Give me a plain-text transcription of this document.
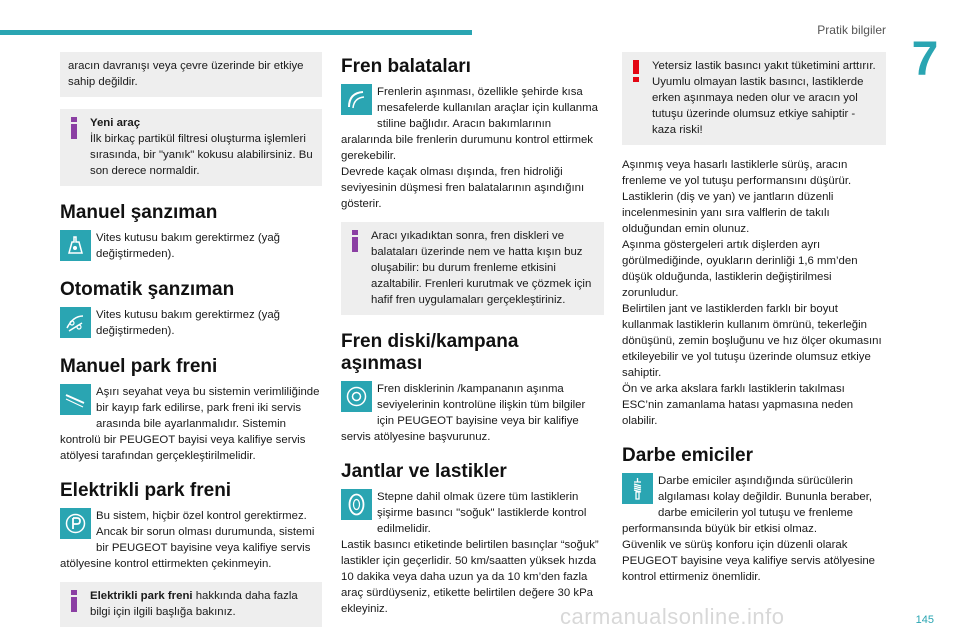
Pratik bilgiler
7

aracın davranışı veya çevre üzerinde bir etkiye sahip değildir.

Yeni araç

İlk birkaç partikül filtresi oluşturma işlemleri sırasında, bir "yanık" kokusu alabilirsiniz. Bu son derece normaldir.

Manuel şanzıman

Vites kutusu bakım gerektirmez (yağ değiştirmeden).

Otomatik şanzıman

Vites kutusu bakım gerektirmez (yağ değiştirmeden).

Manuel park freni

Aşırı seyahat veya bu sistemin verimliliğinde bir kayıp fark edilirse, park freni iki servis arasında bile ayarlanmalıdır. Sistemin kontrolü bir PEUGEOT bayisi veya kalifiye servis atölyesi tarafından gerçekleştirilmelidir.

Elektrikli park freni

Bu sistem, hiçbir özel kontrol gerektirmez. Ancak bir sorun olması durumunda, sistemi bir PEUGEOT bayisine veya kalifiye servis atölyesine kontrol ettirmekten çekinmeyin.

Elektrikli park freni hakkında daha fazla bilgi için ilgili başlığa bakınız.

Fren balataları

Frenlerin aşınması, özellikle şehirde kısa mesafelerde kullanılan araçlar için kullanma stiline bağlıdır. Aracın bakımlarının aralarında bile frenlerin durumunu kontrol ettirmek gerekebilir.

Devrede kaçak olması dışında, fren hidroliği seviyesinin düşmesi fren balatalarının aşındığını gösterir.

Aracı yıkadıktan sonra, fren diskleri ve balataları üzerinde nem ve hatta kışın buz oluşabilir: bu durum frenleme etkisini azaltabilir. Frenleri kurutmak ve çözmek için hafif fren uygulamaları gerçekleştiriniz.

Fren diski/kampana aşınması

Fren disklerinin /kampananın aşınma seviyelerinin kontrolüne ilişkin tüm bilgiler için PEUGEOT bayisine veya bir kalifiye servis atölyesine başvurunuz.

Jantlar ve lastikler

Stepne dahil olmak üzere tüm lastiklerin şişirme basıncı "soğuk" lastiklerde kontrol edilmelidir.

Lastik basıncı etiketinde belirtilen basınçlar “soğuk” lastikler için geçerlidir. 50 km/saatten yüksek hızda 10 dakika veya daha uzun ya da 10 km’den fazla araç sürdüyseniz, etikette belirtilen değere 30 kPa ekleyiniz.

Yetersiz lastik basıncı yakıt tüketimini arttırır. Uyumlu olmayan lastik basıncı, lastiklerde erken aşınmaya neden olur ve aracın yol tutuşu üzerinde olumsuz etkiye sahiptir - kaza riski!

Aşınmış veya hasarlı lastiklerle sürüş, aracın frenleme ve yol tutuşu performansını düşürür. Lastiklerin (diş ve yan) ve jantların düzenli incelenmesinin yanı sıra valflerin de takılı olduğundan emin olunuz.

Aşınma göstergeleri artık dişlerden ayrı görülmediğinde, oyukların derinliği 1,6 mm’den düşük olduğunda, lastiklerin değiştirilmesi zorunludur.

Belirtilen jant ve lastiklerden farklı bir boyut kullanmak lastiklerin kullanım ömrünü, tekerleğin dönüşünü, zemin boşluğunu ve hız ölçer okumasını etkileyebilir ve yol tutuşu üzerinde olumsuz etkiye sahiptir.

Ön ve arka akslara farklı lastiklerin takılması ESC’nin zamanlama hatası yapmasına neden olabilir.

Darbe emiciler

Darbe emiciler aşındığında sürücülerin algılaması kolay değildir. Bununla beraber, darbe emicilerin yol tutuşu ve frenleme performansında büyük bir etkisi olmaz.

Güvenlik ve sürüş konforu için düzenli olarak PEUGEOT bayisine veya kalifiye servis atölyesine kontrol ettirmeniz önemlidir.

carmanualsonline.info	145
